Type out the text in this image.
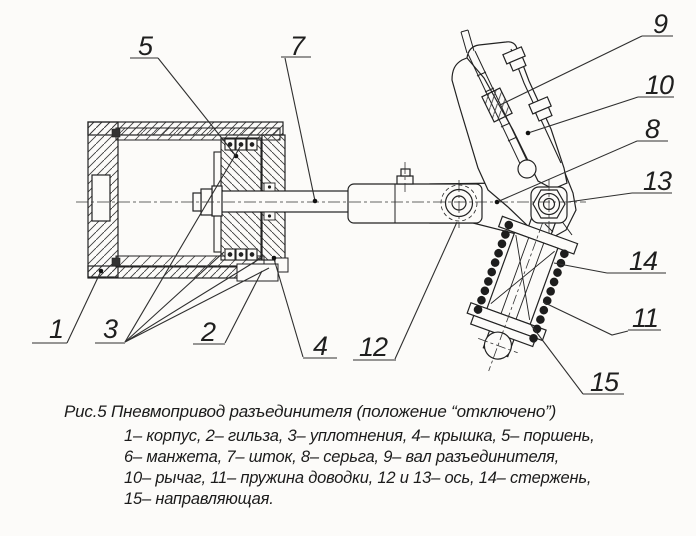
5	7
9
10
8
13
14
11
15
1 3	2	4 12
Рис.5 Пневмопривод разъединителя (положение “отключено”)
1– корпус, 2– гильза, 3– уплотнения, 4– крышка, 5– поршень,
6– манжета, 7– шток, 8– серьга, 9– вал разъединителя,
10– рычаг, 11– пружина доводки, 12 и 13– ось, 14– стержень,
15– направляющая.
